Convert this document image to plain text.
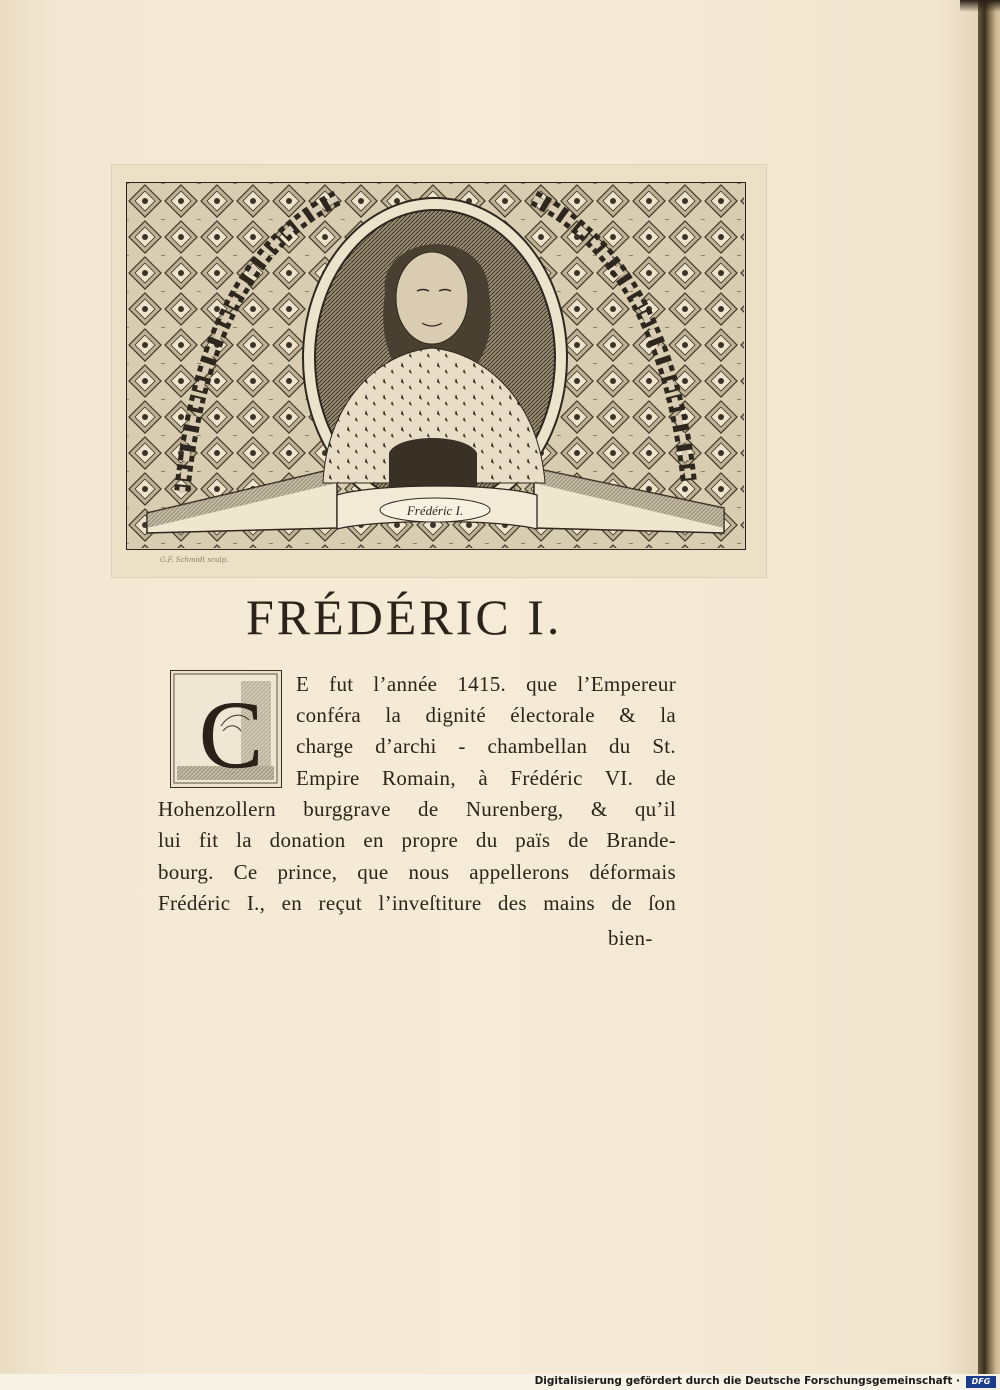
Frédéric I.
G.F. Schmidt sculp.
FRÉDÉRIC I.
C E fut l’année 1415. que l’Empereur
conféra la dignité électorale & la
charge d’archi - chambellan du St.
Empire Romain, à Frédéric VI. de
Hohenzollern burggrave de Nurenberg, & qu’il
lui fit la donation en propre du païs de Brande-
bourg. Ce prince, que nous appellerons déformais
Frédéric I., en reçut l’inveſtiture des mains de ſon
bien-
Digitalisierung gefördert durch die Deutsche Forschungsgemeinschaft ·	DFG
